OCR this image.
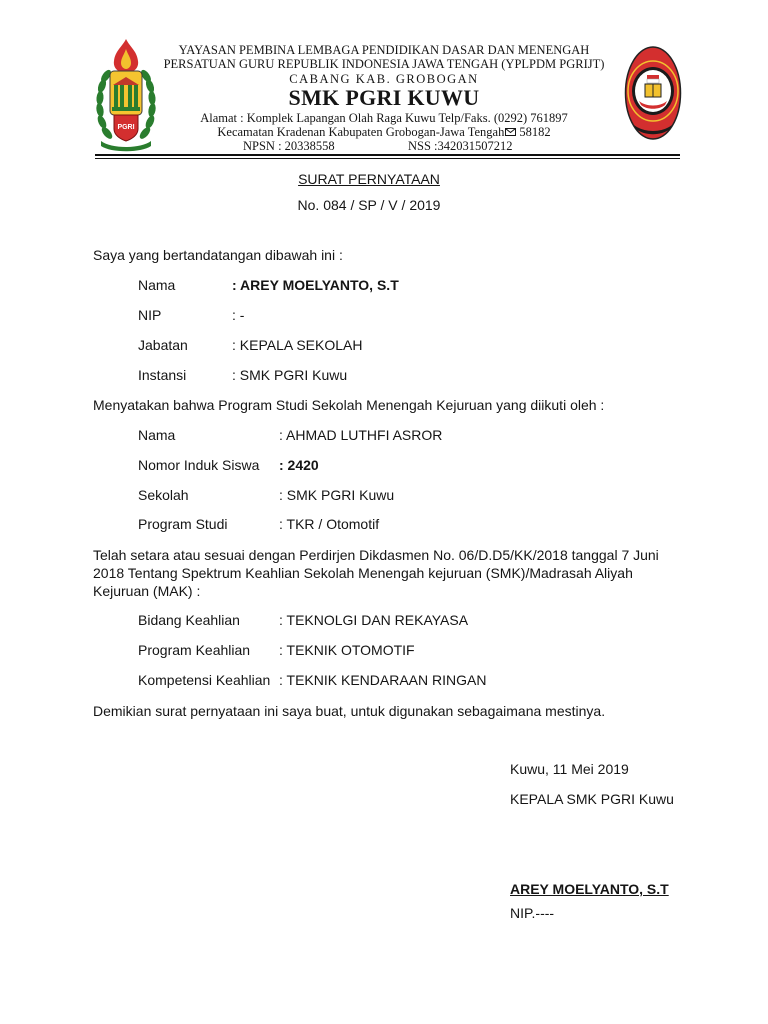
PGRI
YAYASAN PEMBINA LEMBAGA PENDIDIKAN DASAR DAN MENENGAH
PERSATUAN GURU REPUBLIK INDONESIA JAWA TENGAH (YPLPDM PGRIJT)
CABANG KAB. GROBOGAN
SMK PGRI KUWU
Alamat : Komplek Lapangan Olah Raga Kuwu Telp/Faks. (0292) 761897
Kecamatan Kradenan Kabupaten Grobogan-Jawa Tengah 58182
NPSN : 20338558	NSS :342031507212
SURAT PERNYATAAN
No. 084 / SP / V / 2019
Saya yang bertandatangan dibawah ini :
Nama	: AREY MOELYANTO, S.T
NIP	: -
Jabatan	: KEPALA SEKOLAH
Instansi	: SMK PGRI Kuwu
Menyatakan bahwa Program Studi Sekolah Menengah Kejuruan yang diikuti oleh :
Nama	: AHMAD LUTHFI ASROR
Nomor Induk Siswa : 2420
Sekolah	: SMK PGRI Kuwu
Program Studi	: TKR / Otomotif
Telah setara atau sesuai dengan Perdirjen Dikdasmen No. 06/D.D5/KK/2018 tanggal 7 Juni
2018 Tentang Spektrum Keahlian Sekolah Menengah kejuruan (SMK)/Madrasah Aliyah
Kejuruan (MAK) :
Bidang Keahlian	: TEKNOLGI DAN REKAYASA
Program Keahlian : TEKNIK OTOMOTIF
Kompetensi Keahlian : TEKNIK KENDARAAN RINGAN
Demikian surat pernyataan ini saya buat, untuk digunakan sebagaimana mestinya.
Kuwu, 11 Mei 2019
KEPALA SMK PGRI Kuwu
AREY MOELYANTO, S.T
NIP.----
